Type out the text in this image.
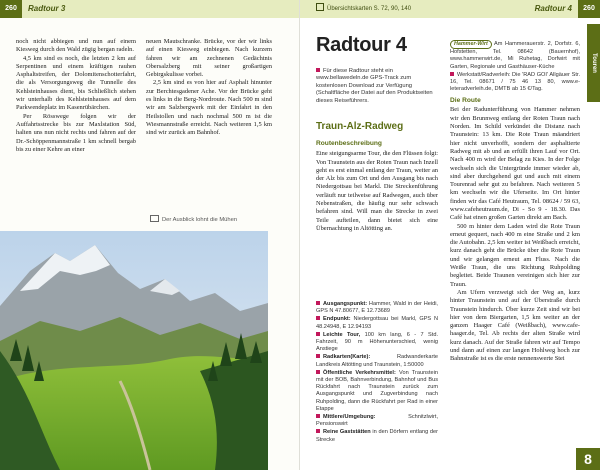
260	Radtour 3

noch nicht abbiegen und nun auf einem Kiesweg durch den Wald zügig bergan radeln.

4,5 km sind es noch, die letzten 2 km auf Serpentinen und einem kräftigen rauhen Asphaltstreifen, der Dolomitenschotterfahrt, die als Versorgungsweg die Tunnelle des Kehlsteinhauses dient, bis Schließlich stehen wir unterhalb des Kehlsteinhauses auf dem Parkwendeplatz im Kasenrübärchen.

Per Rösswege folgen wir der Auffahrtsstrecke bis zur Maxlstation Süd, halten uns nun nicht rechts und fahren auf der Dr.-Schöppenmannstraße 1 km schnell bergab bis zu einer Kehre an einer

neuen Mautschranke. Brücke, vor der wir links auf einen Kiesweg einbiegen. Nach kurzem fahren wir am zechnenen Gedächtnis Obersalzberg mit seiner großartigen Gebirgskulisse vorbei.

2,5 km sind es von hier auf Asphalt hinunter zur Berchtesgadener Ache. Vor der Brücke geht es links in die Berg-Nordroute. Nach 500 m sind wir am Salzbergwerk mit der Einfahrt in den Heilstollen und nach nochmal 500 m ist die Wiesmannstraße erreicht. Nach weiteren 1,5 km sind wir zurück am Bahnhof.

Der Ausblick lohnt die Mühen
Übersichtskarten S. 72, 90, 140	Radtour 4	260
Touren
Radtour 4
Für diese Radtour steht ein www.bellawedeln.de GPS-Track zum kostenlosen Download zur Verfügung (Schaltfläche der Datei auf den Produktseiten dieses Reiseführers.
Traun-Alz-Radweg
Routenbeschreibung

Eine steigungsarme Tour, die den Flüssen folgt: Von Traunstein aus der Roten Traun nach Inzell geht es erst einmal entlang der Traun, weiter an der Alz bis zum Ort und den Ausgang bis nach Niedergottsau bei Markl. Die Streckenführung verläuft nur teilweise auf Radwegen, auch über Nebenstraßen, die häufig nur sehr schwach befahren sind. Will man die Strecke in zwei Teile aufteilen, dann bietet sich eine Übernachtung in Altötting an.

Ausgangspunkt: Hammer, Wald in der Heidi, GPS N 47.80677, E 12.73689
Endpunkt: Niedergottsau bei Markl, GPS N 48.24948, E 12.94193
Leichte Tour, 100 km lang, 6 - 7 Std. Fahrzeit, 90 m Höhenunterschied, wenig Anstiege
Radkarten(Karte):	Radwanderkarte Landkreis Altötting und Traunstein, 1:50000
Öffentliche Verkehrsmittel: Von Traunstein mit der BOB, Bahnverbindung, Bahnhof und Bus Rückfahrt nach Traunstein zurück zum Ausgangspunkt und Zugverbindung nach Ruhpolding, dann die Rückfahrt per Rad in einer Etappe
Mittlere/Umgebung:	Schnitzlwirt, Pensionswirt
Reine Gaststätten in den Dörfern entlang der Strecke
Hammer-Wirt Am Hammerauerstr. 2, Dorfstr. 6, Hofstetten, Tel. 08642 (Bauernhof), www.hammerwirt.de, Mi Ruhetag, Dorfwirt mit Garten, Regionale und Gasthäuser-Küche
Werkstatt/Radverleih: Die 'RAD GOI' Allgäuer Str. 16, Tel. 08671 / 75 46 13 80, www.e-leteradverleih.de, DMTB ab 15 €/Tag.
Die Route

Bei der Radunterführung von Hammer nehmen wir den Brunnweg entlang der Roten Traun nach Norden. Im Schild verkündet die Distanz nach Traunstein: 13 km. Die Rote Traun mäandriert hier nicht unverhofft, sondern der asphaltierte Radweg mit ab und an erfüllt ihren Lauf vor Ort. Nach 400 m wird der Belag zu Kies. In der Folge wechseln sich die Untergründe immer wieder ab, sind aber durchgehend gut und auch mit einem Tourenrad sehr gut zu befahren. Nach weiteren 5 km wechseln wir die Uferseite. Im Ort hinter finden wir das Café Heutraum, Tel. 08624 / 59 63, www.cafeheutraum.de, Di - So 9 - 18.30. Das Café hat einen großen Garten direkt am Bach.

500 m hinter dem Laden wird die Rote Traun erneut gequert, nach 400 m eine Straße und 2 km die Autobahn. 2,5 km weiter ist Weißbach erreicht, kurz danach geht die Brücke über die Rote Traun und wir gelangen erneut am Fluss. Nach die Weiße Traun, die uns Richtung Ruhpolding begleitet. Beide Traunen vereinigen sich hier zur Traun.

Am Ufern verzweigt sich der Weg an, kurz hinter Traunstein und auf der Überstraße durch Traunstein hindurch. Über kurze Zeit sind wir bei hier von dem Biergarten, 1,5 km weiter an der ganzen Haager Café (Weißbach), www.cafe-haager.de, Tel. Ab rechts der alten Straße wird kurz danach. Auf der Straße fahren wir auf Tempo und dann auf einen zur langen Hohlweg hoch zur Bahnstraße ist es die erste nennenswerte Stei

8
